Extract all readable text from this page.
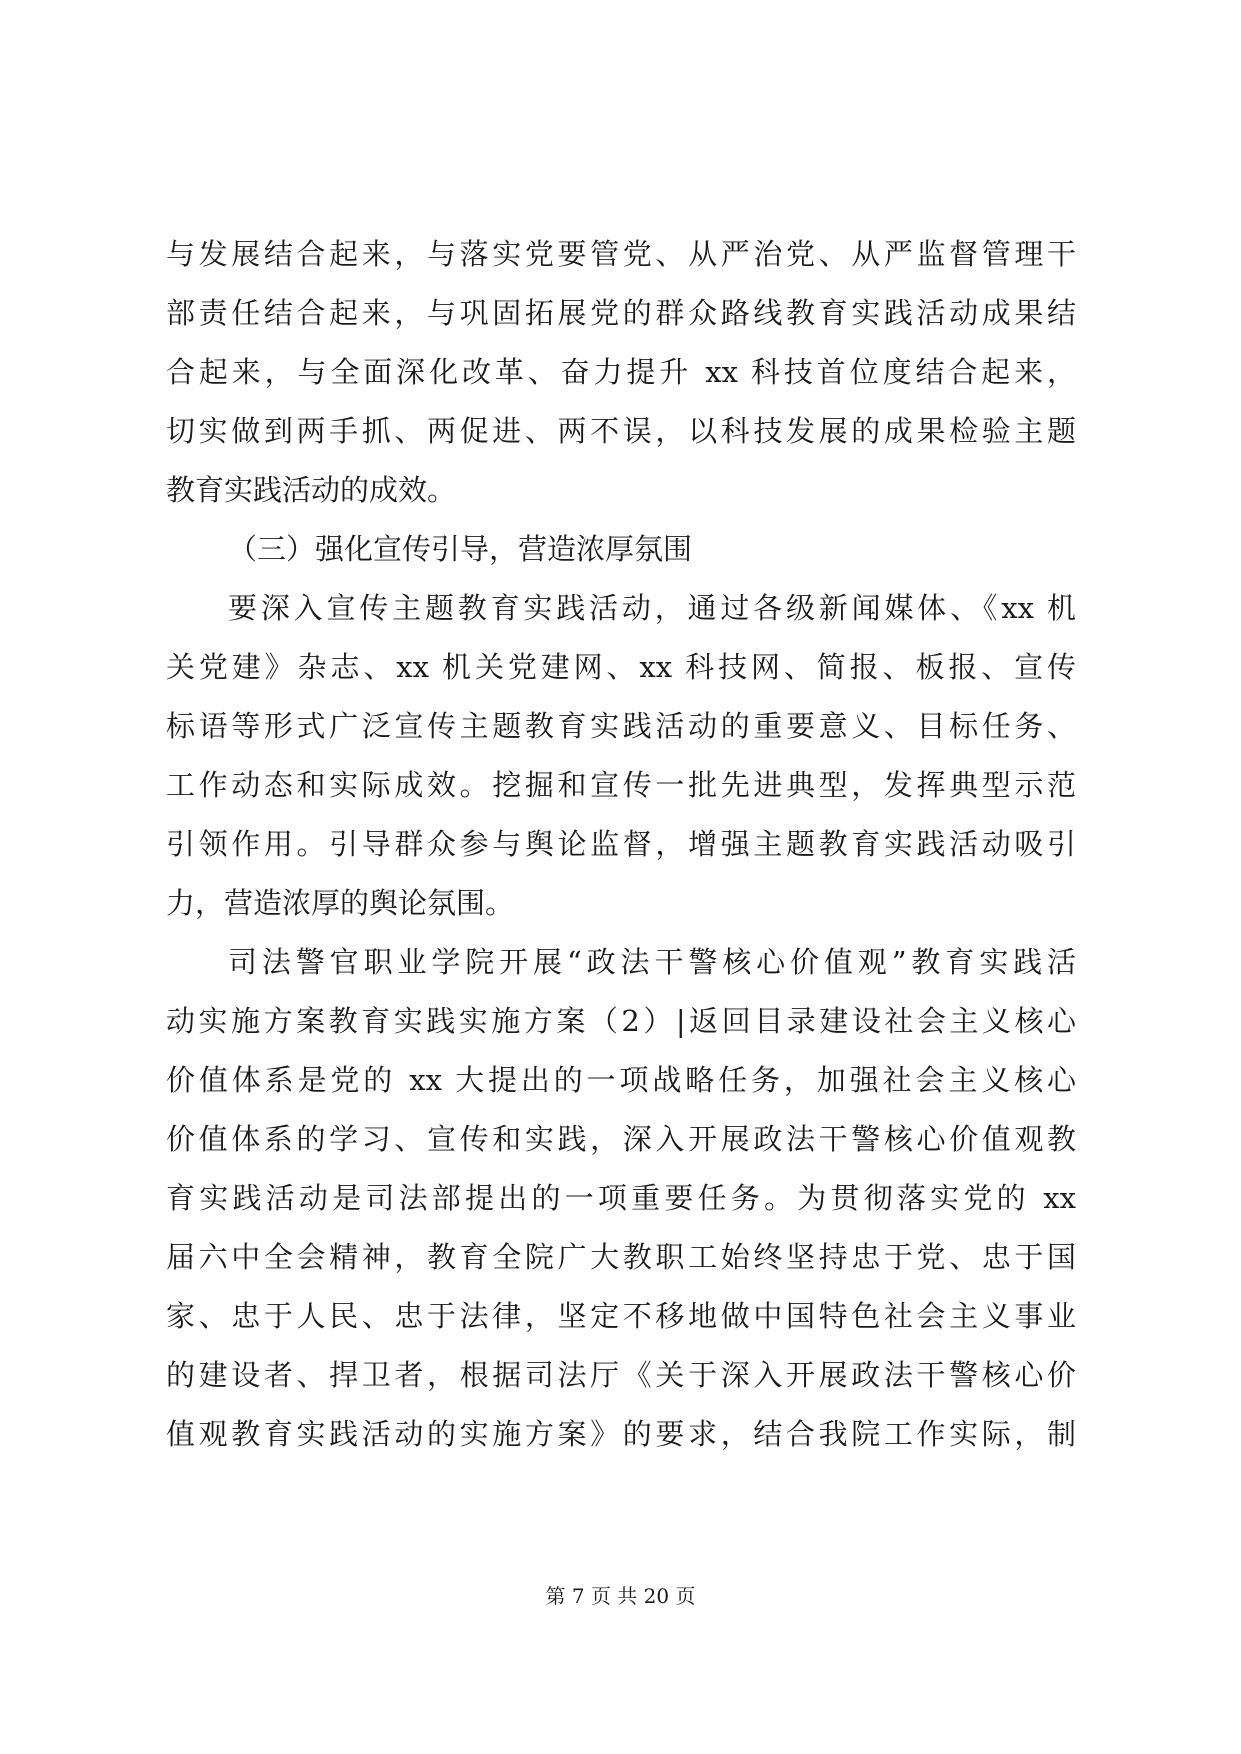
与发展结合起来，与落实党要管党、从严治党、从严监督管理干
部责任结合起来，与巩固拓展党的群众路线教育实践活动成果结
合起来，与全面深化改革、奋力提升 xx 科技首位度结合起来，
切实做到两手抓、两促进、两不误，以科技发展的成果检验主题
教育实践活动的成效。
（三）强化宣传引导，营造浓厚氛围
要深入宣传主题教育实践活动，通过各级新闻媒体、《xx 机
关党建》杂志、xx 机关党建网、xx 科技网、简报、板报、宣传
标语等形式广泛宣传主题教育实践活动的重要意义、目标任务、
工作动态和实际成效。挖掘和宣传一批先进典型，发挥典型示范
引领作用。引导群众参与舆论监督，增强主题教育实践活动吸引
力，营造浓厚的舆论氛围。
司法警官职业学院开展“政法干警核心价值观”教育实践活
动实施方案教育实践实施方案（2）|返回目录建设社会主义核心
价值体系是党的 xx 大提出的一项战略任务，加强社会主义核心
价值体系的学习、宣传和实践，深入开展政法干警核心价值观教
育实践活动是司法部提出的一项重要任务。为贯彻落实党的 xx
届六中全会精神，教育全院广大教职工始终坚持忠于党、忠于国
家、忠于人民、忠于法律，坚定不移地做中国特色社会主义事业
的建设者、捍卫者，根据司法厅《关于深入开展政法干警核心价
值观教育实践活动的实施方案》的要求，结合我院工作实际，制
第 7 页 共 20 页
